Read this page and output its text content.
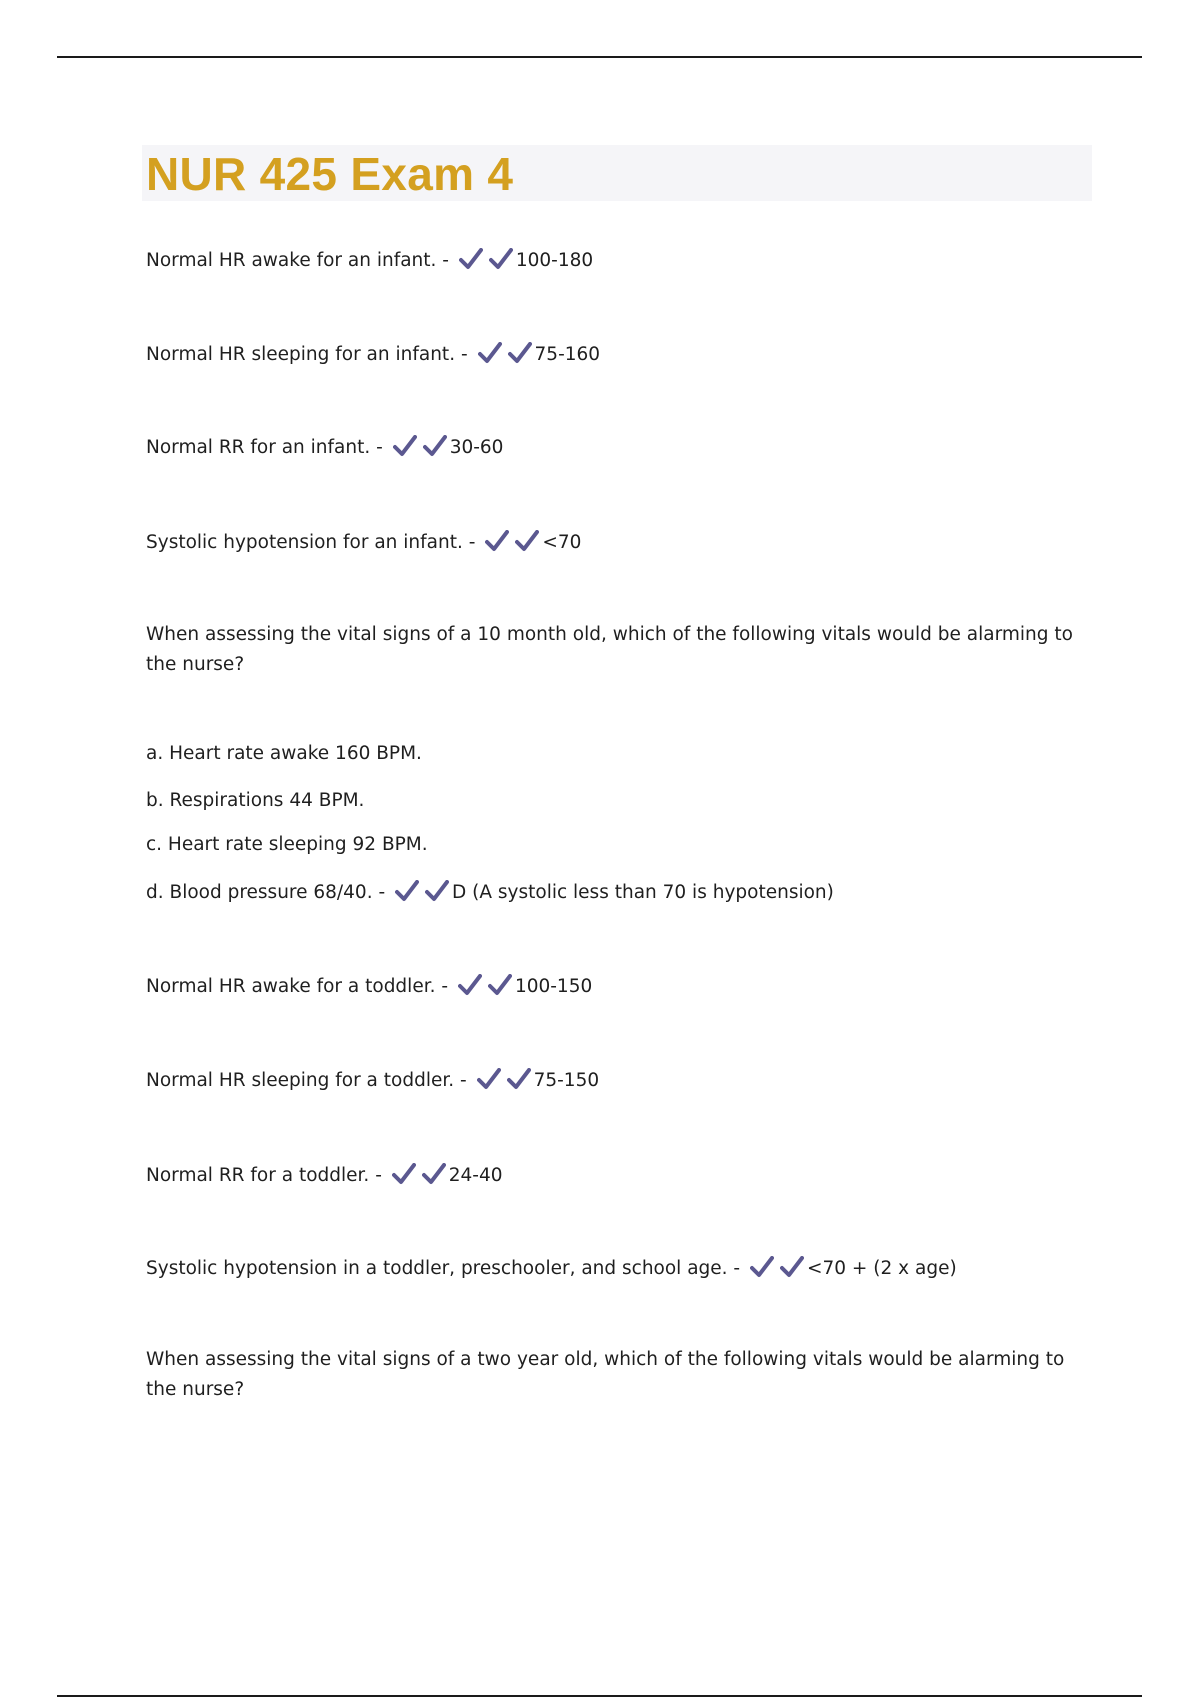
NUR 425 Exam 4
Normal HR awake for an infant. -	100-180
Normal HR sleeping for an infant. -	75-160
Normal RR for an infant. -	30-60
Systolic hypotension for an infant. -	<70
When assessing the vital signs of a 10 month old, which of the following vitals would be alarming to the nurse?
a. Heart rate awake 160 BPM.
b. Respirations 44 BPM.
c. Heart rate sleeping 92 BPM.
d. Blood pressure 68/40. -	D (A systolic less than 70 is hypotension)
Normal HR awake for a toddler. -	100-150
Normal HR sleeping for a toddler. -	75-150
Normal RR for a toddler. -	24-40
Systolic hypotension in a toddler, preschooler, and school age. -	<70 + (2 x age)
When assessing the vital signs of a two year old, which of the following vitals would be alarming to the nurse?
